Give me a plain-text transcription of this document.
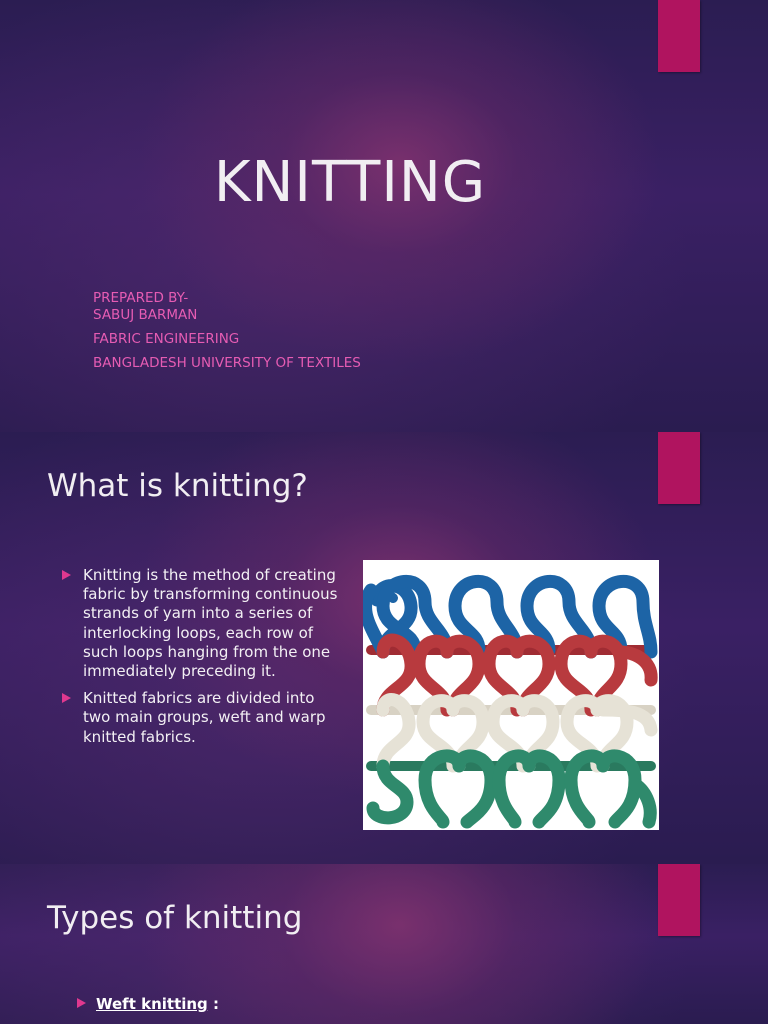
KNITTING
PREPARED BY-
SABUJ BARMAN
FABRIC ENGINEERING
BANGLADESH UNIVERSITY OF TEXTILES
What is knitting?
Knitting is the method of creating fabric by transforming continuous strands of yarn into a series of interlocking loops, each row of such loops hanging from the one immediately preceding it.
Knitted fabrics are divided into two main groups, weft and warp knitted fabrics.
Types of knitting
Weft knitting :
